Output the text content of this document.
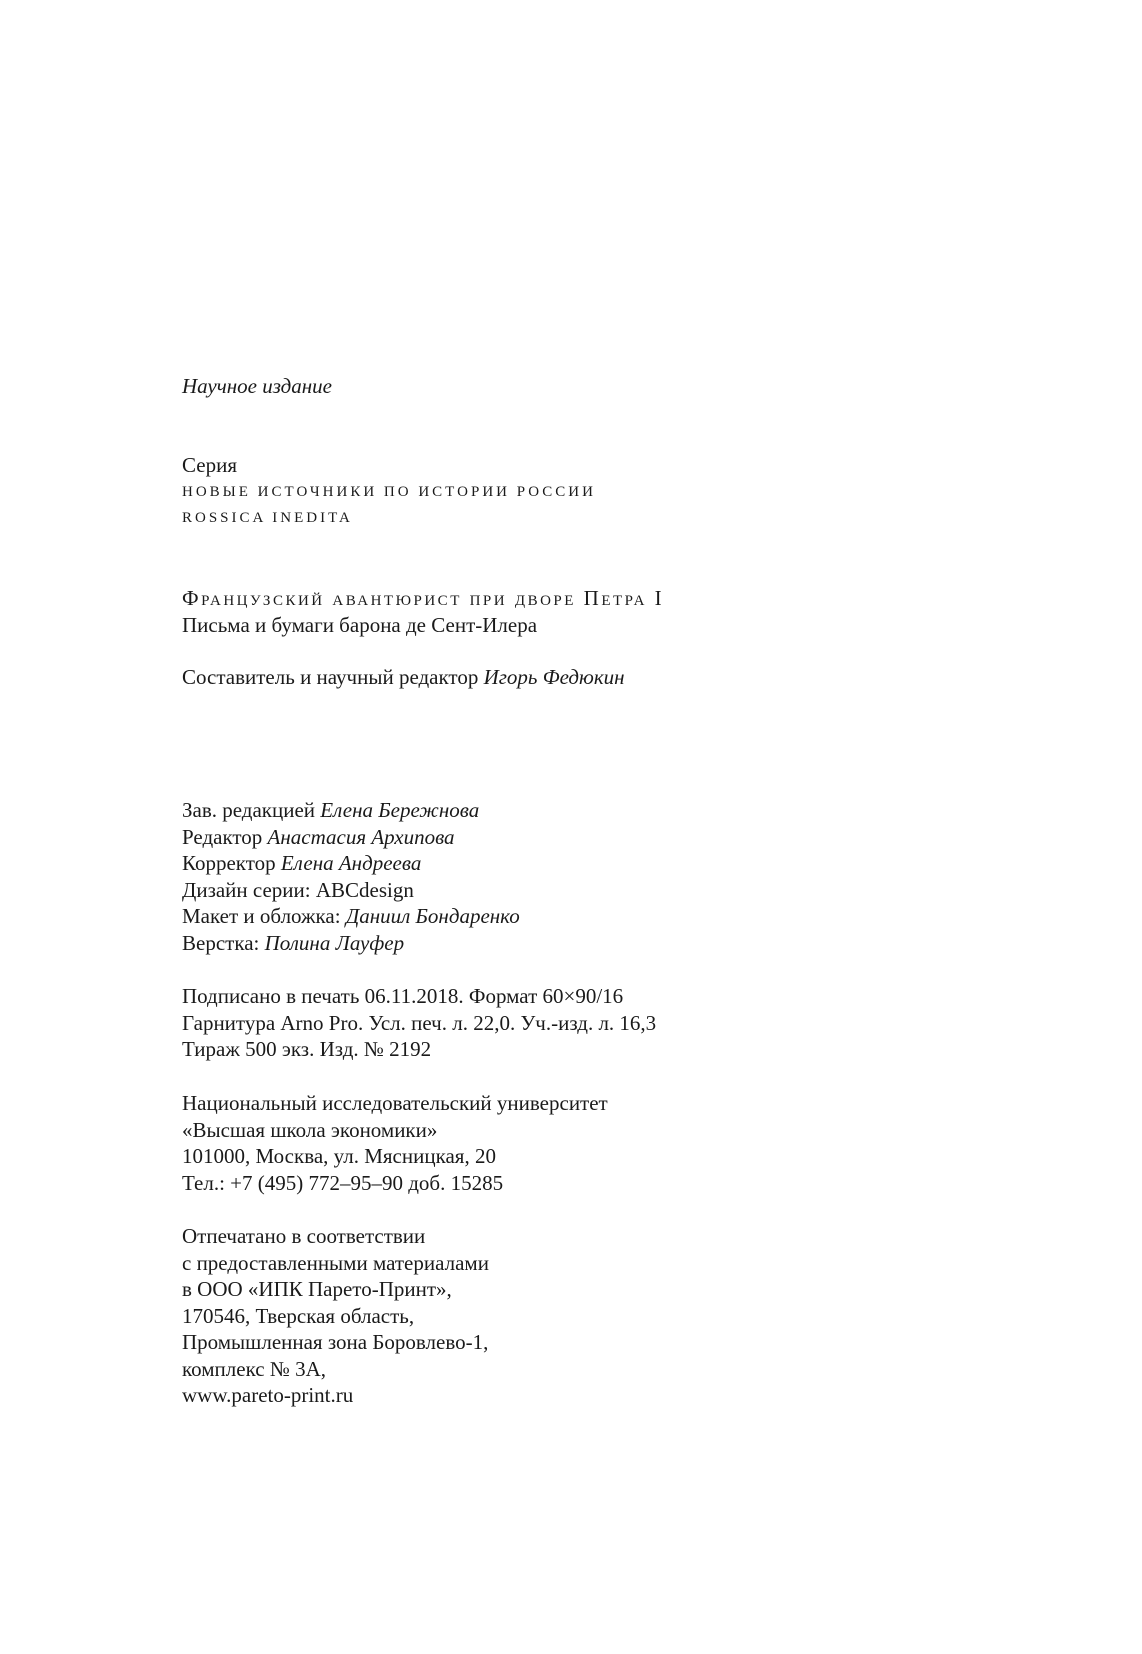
Научное издание
Серия
НОВЫЕ ИСТОЧНИКИ ПО ИСТОРИИ РОССИИ
ROSSICA INEDITA
Французский авантюрист при дворе Петра I
Письма и бумаги барона де Сент-Илера
Составитель и научный редактор Игорь Федюкин
Зав. редакцией Елена Бережнова
Редактор Анастасия Архипова
Корректор Елена Андреева
Дизайн серии: ABCdesign
Макет и обложка: Даниил Бондаренко
Верстка: Полина Лауфер
Подписано в печать 06.11.2018. Формат 60×90/16
Гарнитура Arno Pro. Усл. печ. л. 22,0. Уч.-изд. л. 16,3
Тираж 500 экз. Изд. № 2192
Национальный исследовательский университет
«Высшая школа экономики»
101000, Москва, ул. Мясницкая, 20
Тел.: +7 (495) 772–95–90 доб. 15285
Отпечатано в соответствии
с предоставленными материалами
в ООО «ИПК Парето-Принт»,
170546, Тверская область,
Промышленная зона Боровлево-1,
комплекс № 3А,
www.pareto-print.ru
